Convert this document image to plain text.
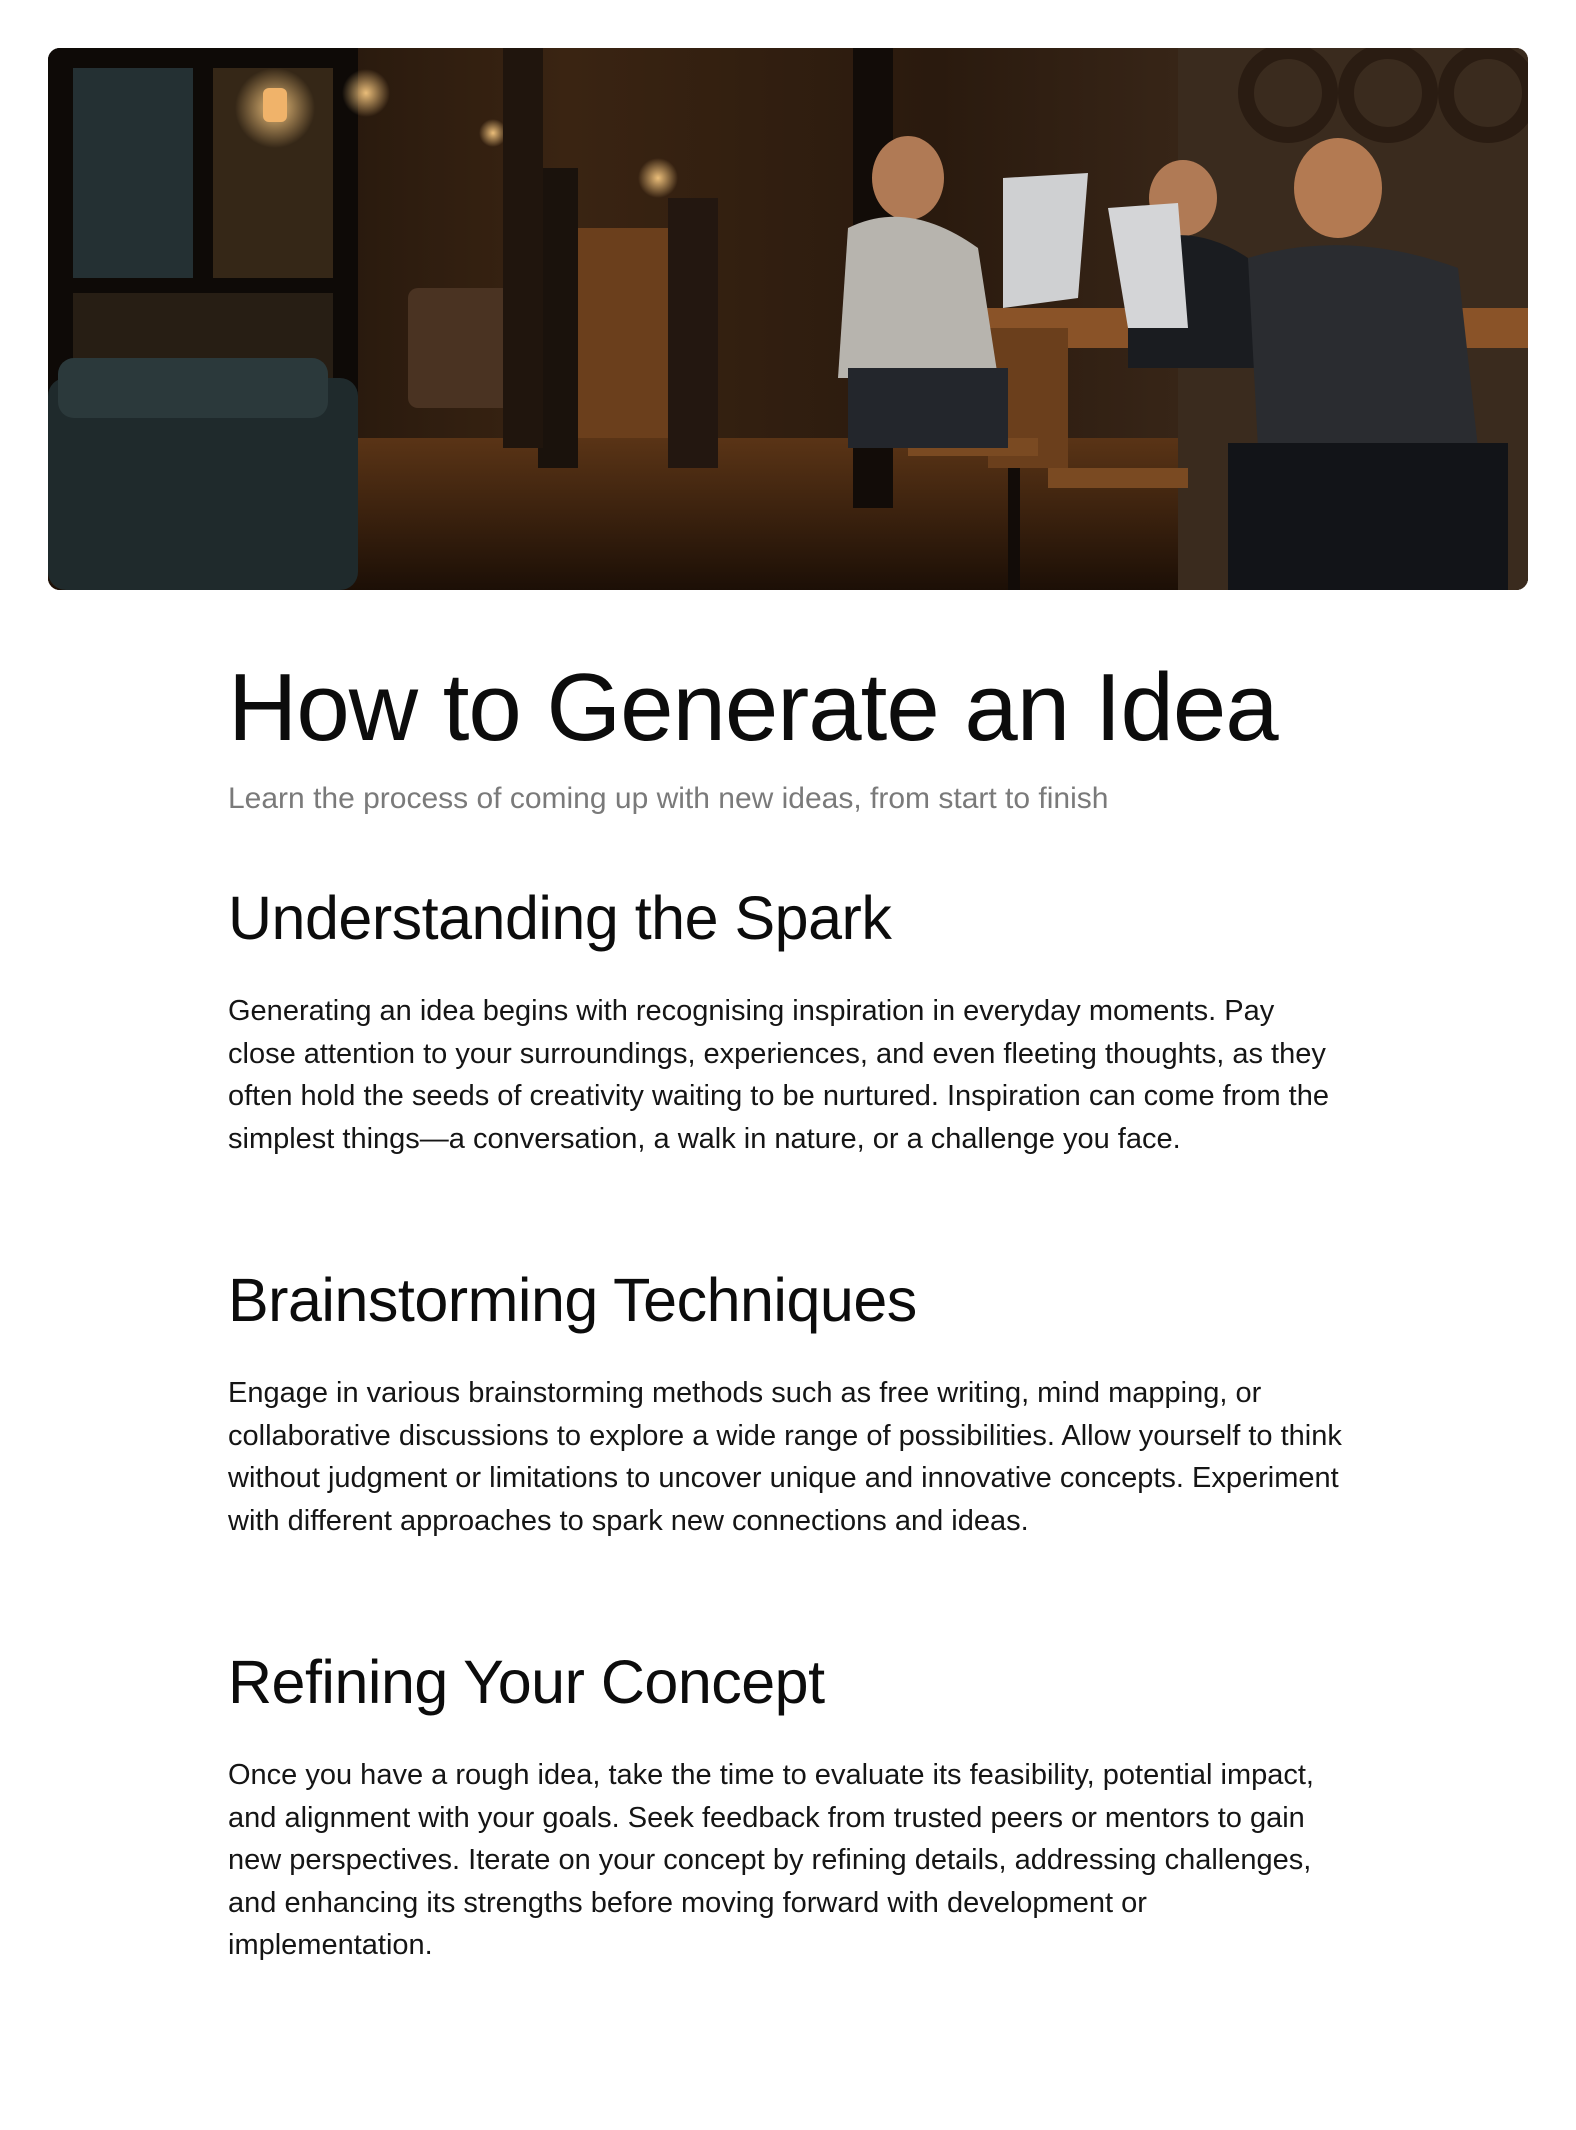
How to Generate an Idea

Learn the process of coming up with new ideas, from start to finish

Understanding the Spark

Generating an idea begins with recognising inspiration in everyday moments. Pay close attention to your surroundings, experiences, and even fleeting thoughts, as they often hold the seeds of creativity waiting to be nurtured. Inspiration can come from the simplest things—a conversation, a walk in nature, or a challenge you face.

Brainstorming Techniques

Engage in various brainstorming methods such as free writing, mind mapping, or collaborative discussions to explore a wide range of possibilities. Allow yourself to think without judgment or limitations to uncover unique and innovative concepts. Experiment with different approaches to spark new connections and ideas.

Refining Your Concept

Once you have a rough idea, take the time to evaluate its feasibility, potential impact, and alignment with your goals. Seek feedback from trusted peers or mentors to gain new perspectives. Iterate on your concept by refining details, addressing challenges, and enhancing its strengths before moving forward with development or implementation.
